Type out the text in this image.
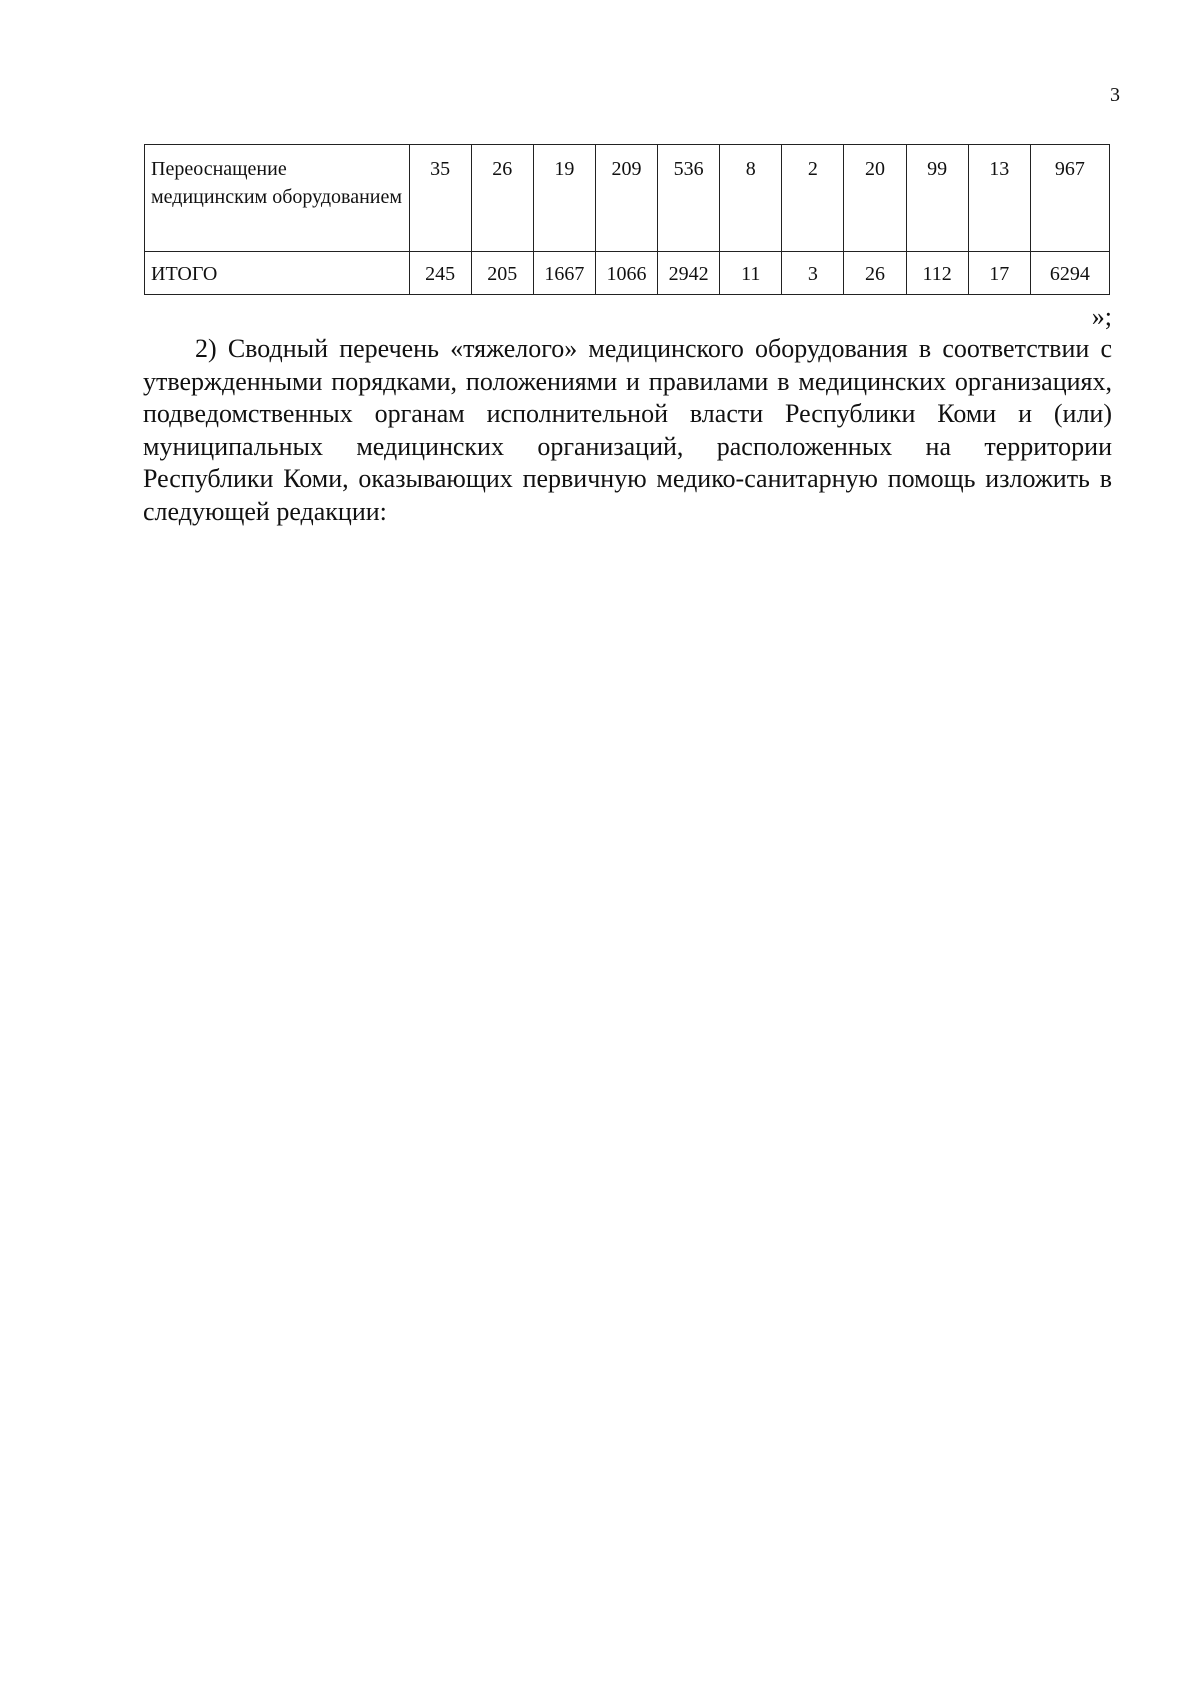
3
Переоснащение медицинским оборудованием	35	26	19	209	536	8	2	20	99	13	967
ИТОГО	245	205	1667	1066	2942	11	3	26	112	17	6294
»;

2) Сводный перечень «тяжелого» медицинского оборудования в соответствии с утвержденными порядками, положениями и правилами в медицинских организациях, подведомственных органам исполнительной власти Республики Коми и (или) муниципальных медицинских организаций, расположенных на территории Республики Коми, оказывающих первичную медико-санитарную помощь изложить в следующей редакции:
